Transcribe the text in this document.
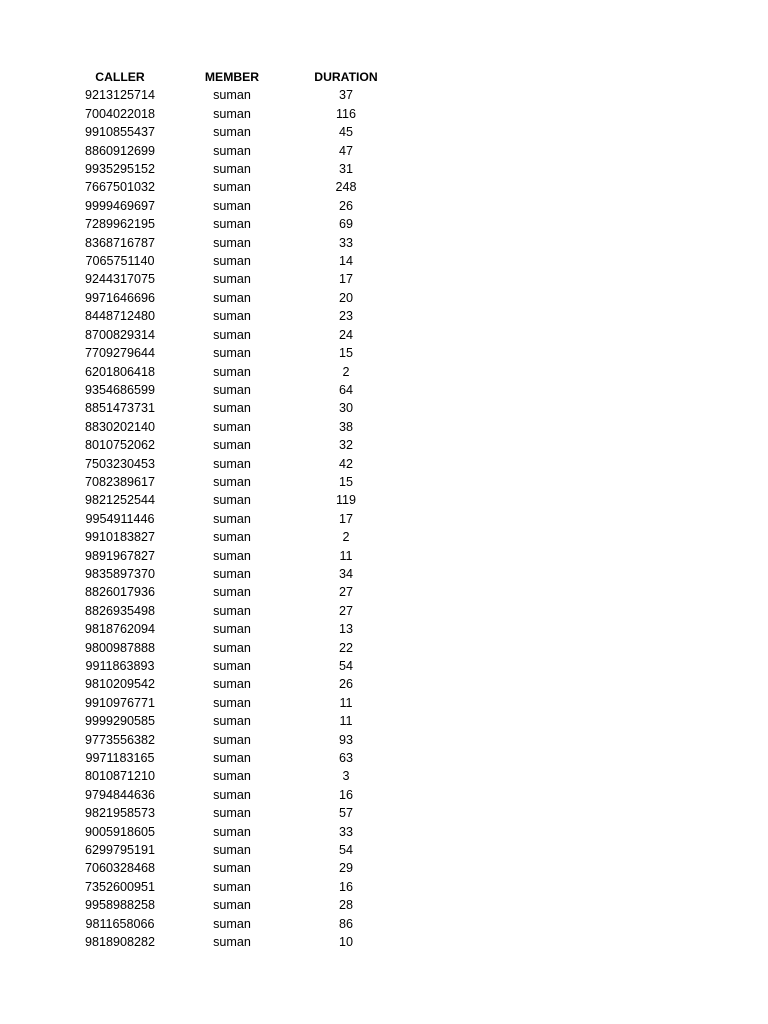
CALLER	MEMBER	DURATION
9213125714	suman	37
7004022018	suman	116
9910855437	suman	45
8860912699	suman	47
9935295152	suman	31
7667501032	suman	248
9999469697	suman	26
7289962195	suman	69
8368716787	suman	33
7065751140	suman	14
9244317075	suman	17
9971646696	suman	20
8448712480	suman	23
8700829314	suman	24
7709279644	suman	15
6201806418	suman	2
9354686599	suman	64
8851473731	suman	30
8830202140	suman	38
8010752062	suman	32
7503230453	suman	42
7082389617	suman	15
9821252544	suman	119
9954911446	suman	17
9910183827	suman	2
9891967827	suman	11
9835897370	suman	34
8826017936	suman	27
8826935498	suman	27
9818762094	suman	13
9800987888	suman	22
9911863893	suman	54
9810209542	suman	26
9910976771	suman	11
9999290585	suman	11
9773556382	suman	93
9971183165	suman	63
8010871210	suman	3
9794844636	suman	16
9821958573	suman	57
9005918605	suman	33
6299795191	suman	54
7060328468	suman	29
7352600951	suman	16
9958988258	suman	28
9811658066	suman	86
9818908282	suman	10
